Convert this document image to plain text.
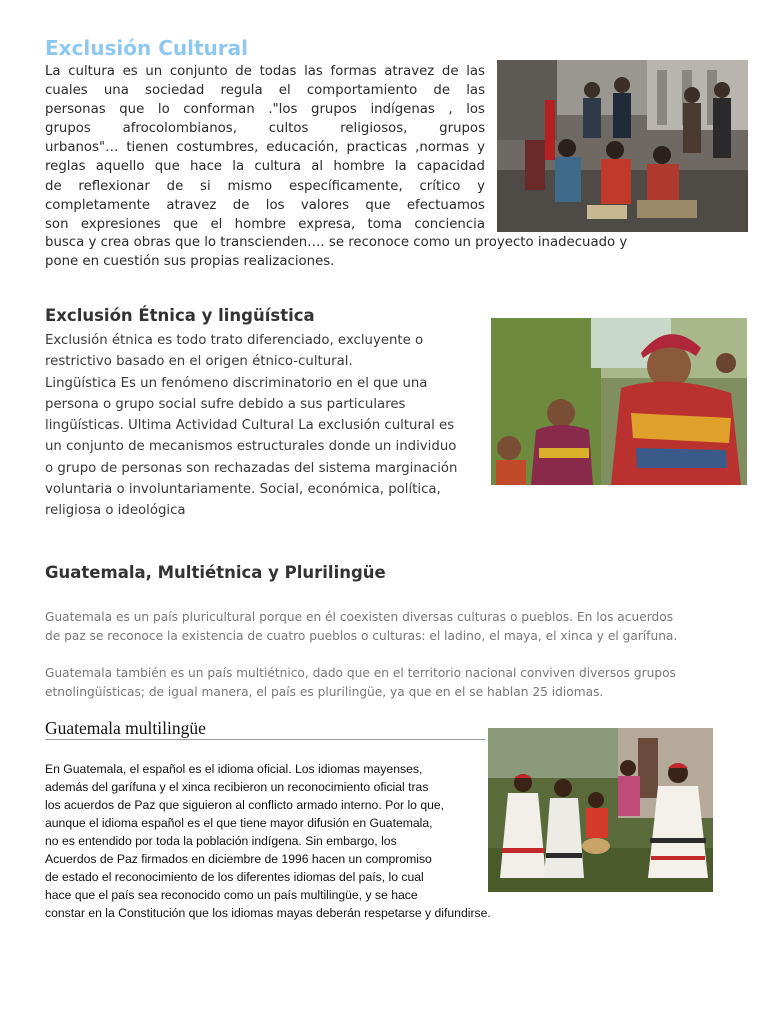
Exclusión Cultural
La cultura es un conjunto de todas las formas atravez de las
cuales una sociedad regula el comportamiento de las
personas que lo conforman ."los grupos indígenas , los
grupos afrocolombianos, cultos religiosos, grupos
urbanos"… tienen costumbres, educación, practicas ,normas y
reglas aquello que hace la cultura al hombre la capacidad
de reflexionar de si mismo específicamente, crítico y
completamente atravez de los valores que efectuamos
son expresiones que el hombre expresa, toma conciencia
busca y crea obras que lo transcienden…. se reconoce como un proyecto inadecuado y
pone en cuestión sus propias realizaciones.
Exclusión Étnica y lingüística
Exclusión étnica es todo trato diferenciado, excluyente o
restrictivo basado en el origen étnico-cultural.
Lingüística Es un fenómeno discriminatorio en el que una
persona o grupo social sufre debido a sus particulares
lingüísticas. Ultima Actividad Cultural La exclusión cultural es
un conjunto de mecanismos estructurales donde un individuo
o grupo de personas son rechazadas del sistema marginación
voluntaria o involuntariamente. Social, económica, política,
religiosa o ideológica
Guatemala, Multiétnica y Plurilingüe
Guatemala es un país pluricultural porque en él coexisten diversas culturas o pueblos. En los acuerdos
de paz se reconoce la existencia de cuatro pueblos o culturas: el ladino, el maya, el xinca y el garífuna.
Guatemala también es un país multiétnico, dado que en el territorio nacional conviven diversos grupos
etnolingüísticas; de igual manera, el país es plurilingüe, ya que en el se hablan 25 idiomas.
Guatemala multilingüe
En Guatemala, el español es el idioma oficial. Los idiomas mayenses,
además del garífuna y el xinca recibieron un reconocimiento oficial tras
los acuerdos de Paz que siguieron al conflicto armado interno. Por lo que,
aunque el idioma español es el que tiene mayor difusión en Guatemala,
no es entendido por toda la población indígena. Sin embargo, los
Acuerdos de Paz firmados en diciembre de 1996 hacen un compromiso
de estado el reconocimiento de los diferentes idiomas del país, lo cual
hace que el país sea reconocido como un país multilingüe, y se hace
constar en la Constitución que los idiomas mayas deberán respetarse y difundirse.
